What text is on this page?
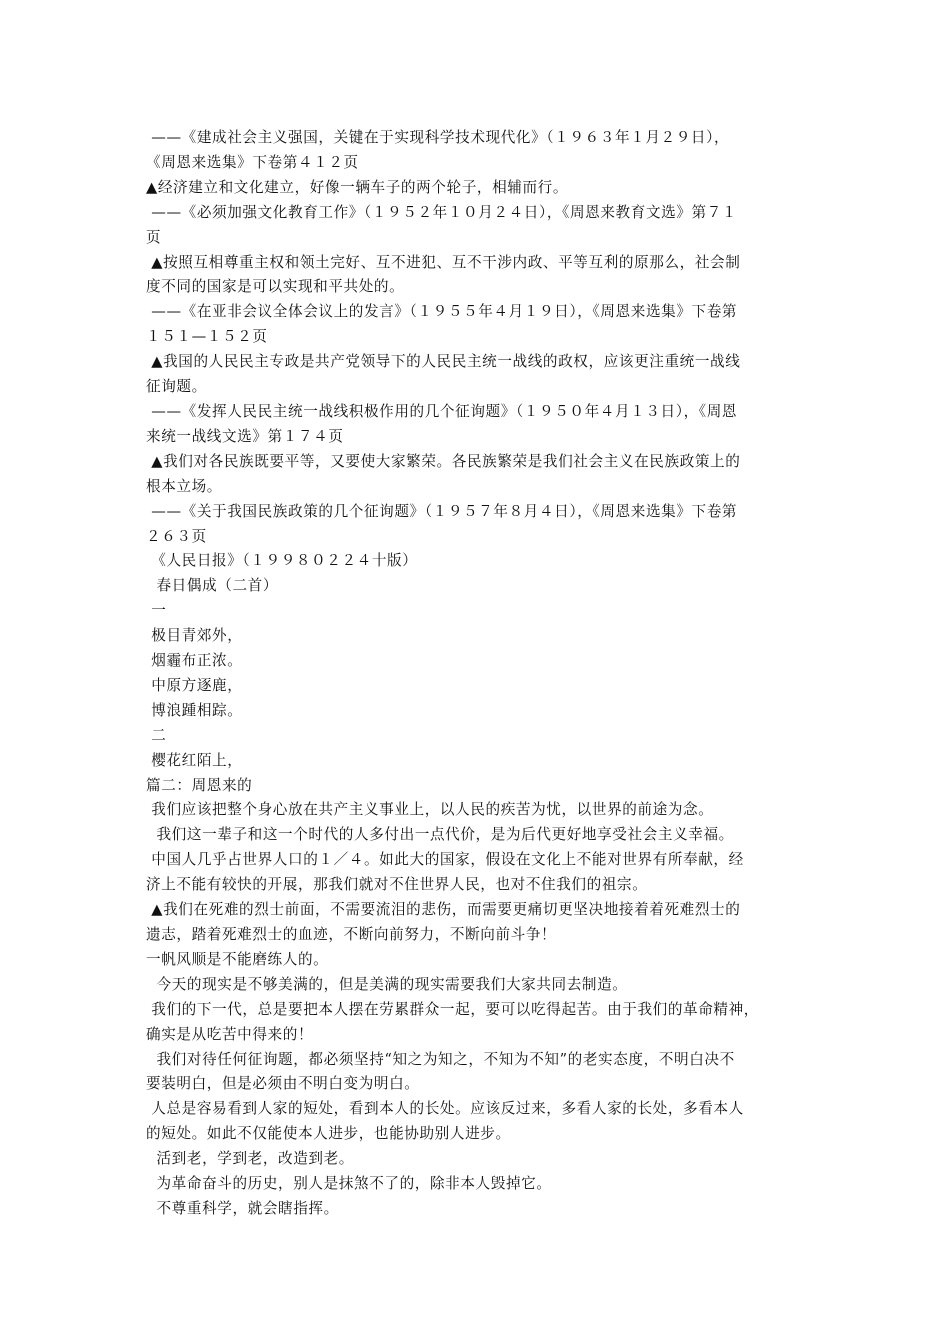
——《建成社会主义强国，关键在于实现科学技术现代化》（１９６３年１月２９日），
《周恩来选集》下卷第４１２页
▲经济建立和文化建立，好像一辆车子的两个轮子，相辅而行。
——《必须加强文化教育工作》（１９５２年１０月２４日），《周恩来教育文选》第７１
页
▲按照互相尊重主权和领土完好、互不进犯、互不干涉内政、平等互利的原那么，社会制
度不同的国家是可以实现和平共处的。
——《在亚非会议全体会议上的发言》（１９５５年４月１９日），《周恩来选集》下卷第
１５１—１５２页
▲我国的人民民主专政是共产党领导下的人民民主统一战线的政权，应该更注重统一战线
征询题。
——《发挥人民民主统一战线积极作用的几个征询题》（１９５０年４月１３日），《周恩
来统一战线文选》第１７４页
▲我们对各民族既要平等，又要使大家繁荣。各民族繁荣是我们社会主义在民族政策上的
根本立场。
——《关于我国民族政策的几个征询题》（１９５７年８月４日），《周恩来选集》下卷第
２６３页
《人民日报》（１９９８０２２４十版）
春日偶成（二首）
一
极目青郊外，
烟霾布正浓。
中原方逐鹿，
博浪踵相踪。
二
樱花红陌上，
篇二：周恩来的
我们应该把整个身心放在共产主义事业上，以人民的疾苦为忧，以世界的前途为念。
我们这一辈子和这一个时代的人多付出一点代价，是为后代更好地享受社会主义幸福。
中国人几乎占世界人口的１／４。如此大的国家，假设在文化上不能对世界有所奉献，经
济上不能有较快的开展，那我们就对不住世界人民，也对不住我们的祖宗。
▲我们在死难的烈士前面，不需要流泪的悲伤，而需要更痛切更坚决地接着着死难烈士的
遗志，踏着死难烈士的血迹，不断向前努力，不断向前斗争！
一帆风顺是不能磨练人的。
今天的现实是不够美满的，但是美满的现实需要我们大家共同去制造。
我们的下一代，总是要把本人摆在劳累群众一起，要可以吃得起苦。由于我们的革命精神，
确实是从吃苦中得来的！
我们对待任何征询题，都必须坚持“知之为知之，不知为不知”的老实态度，不明白决不
要装明白，但是必须由不明白变为明白。
人总是容易看到人家的短处，看到本人的长处。应该反过来，多看人家的长处，多看本人
的短处。如此不仅能使本人进步，也能协助别人进步。
活到老，学到老，改造到老。
为革命奋斗的历史，别人是抹煞不了的，除非本人毁掉它。
不尊重科学，就会瞎指挥。
